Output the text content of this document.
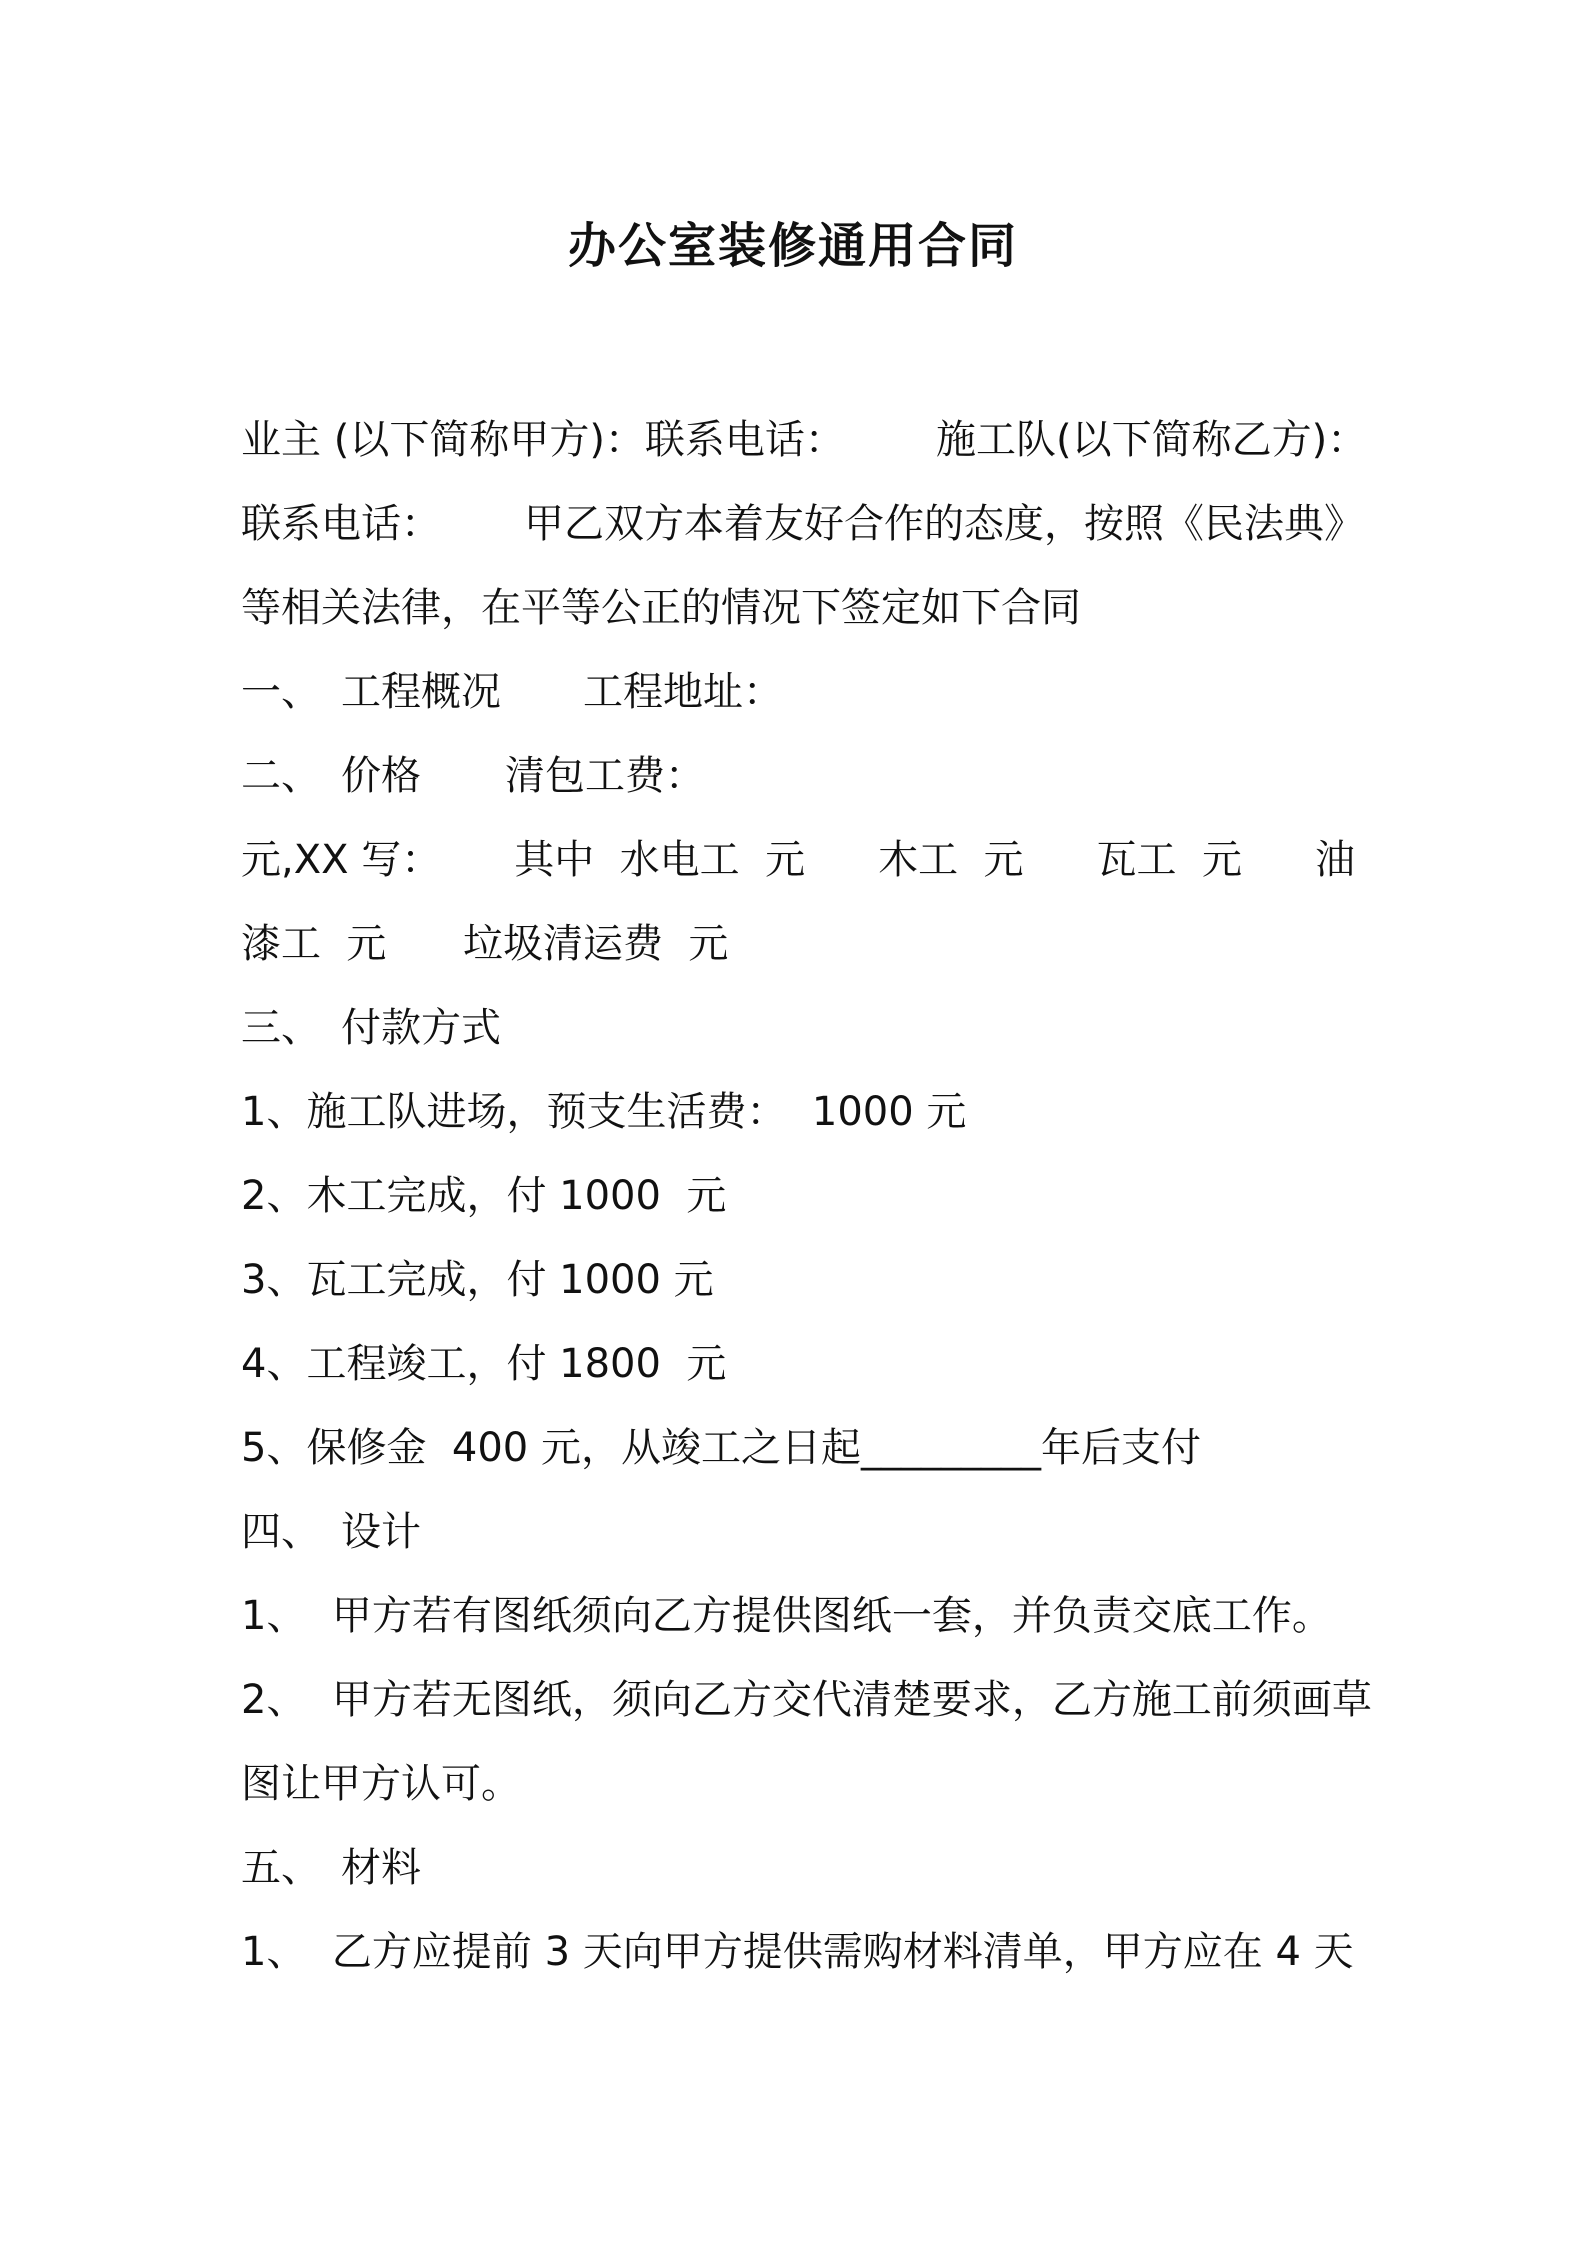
办公室装修通用合同
业主 (以下简称甲方)：联系电话： 施工队(以下简称乙方)：
联系电话： 甲乙双方本着友好合作的态度，按照《民法典》
等相关法律，在平等公正的情况下签定如下合同
一、 工程概况 工程地址：
二、 价格 清包工费：
元,XX 写： 其中  水电工  元 木工  元 瓦工  元 油
漆工  元 垃圾清运费  元
三、 付款方式
1、施工队进场，预支生活费：  1000 元
2、木工完成，付 1000  元
3、瓦工完成，付 1000 元
4、工程竣工，付 1800  元
5、保修金  400 元，从竣工之日起_________年后支付
四、 设计
1、  甲方若有图纸须向乙方提供图纸一套，并负责交底工作。
2、  甲方若无图纸，须向乙方交代清楚要求，乙方施工前须画草
图让甲方认可。
五、 材料
1、  乙方应提前 3 天向甲方提供需购材料清单，甲方应在 4 天
